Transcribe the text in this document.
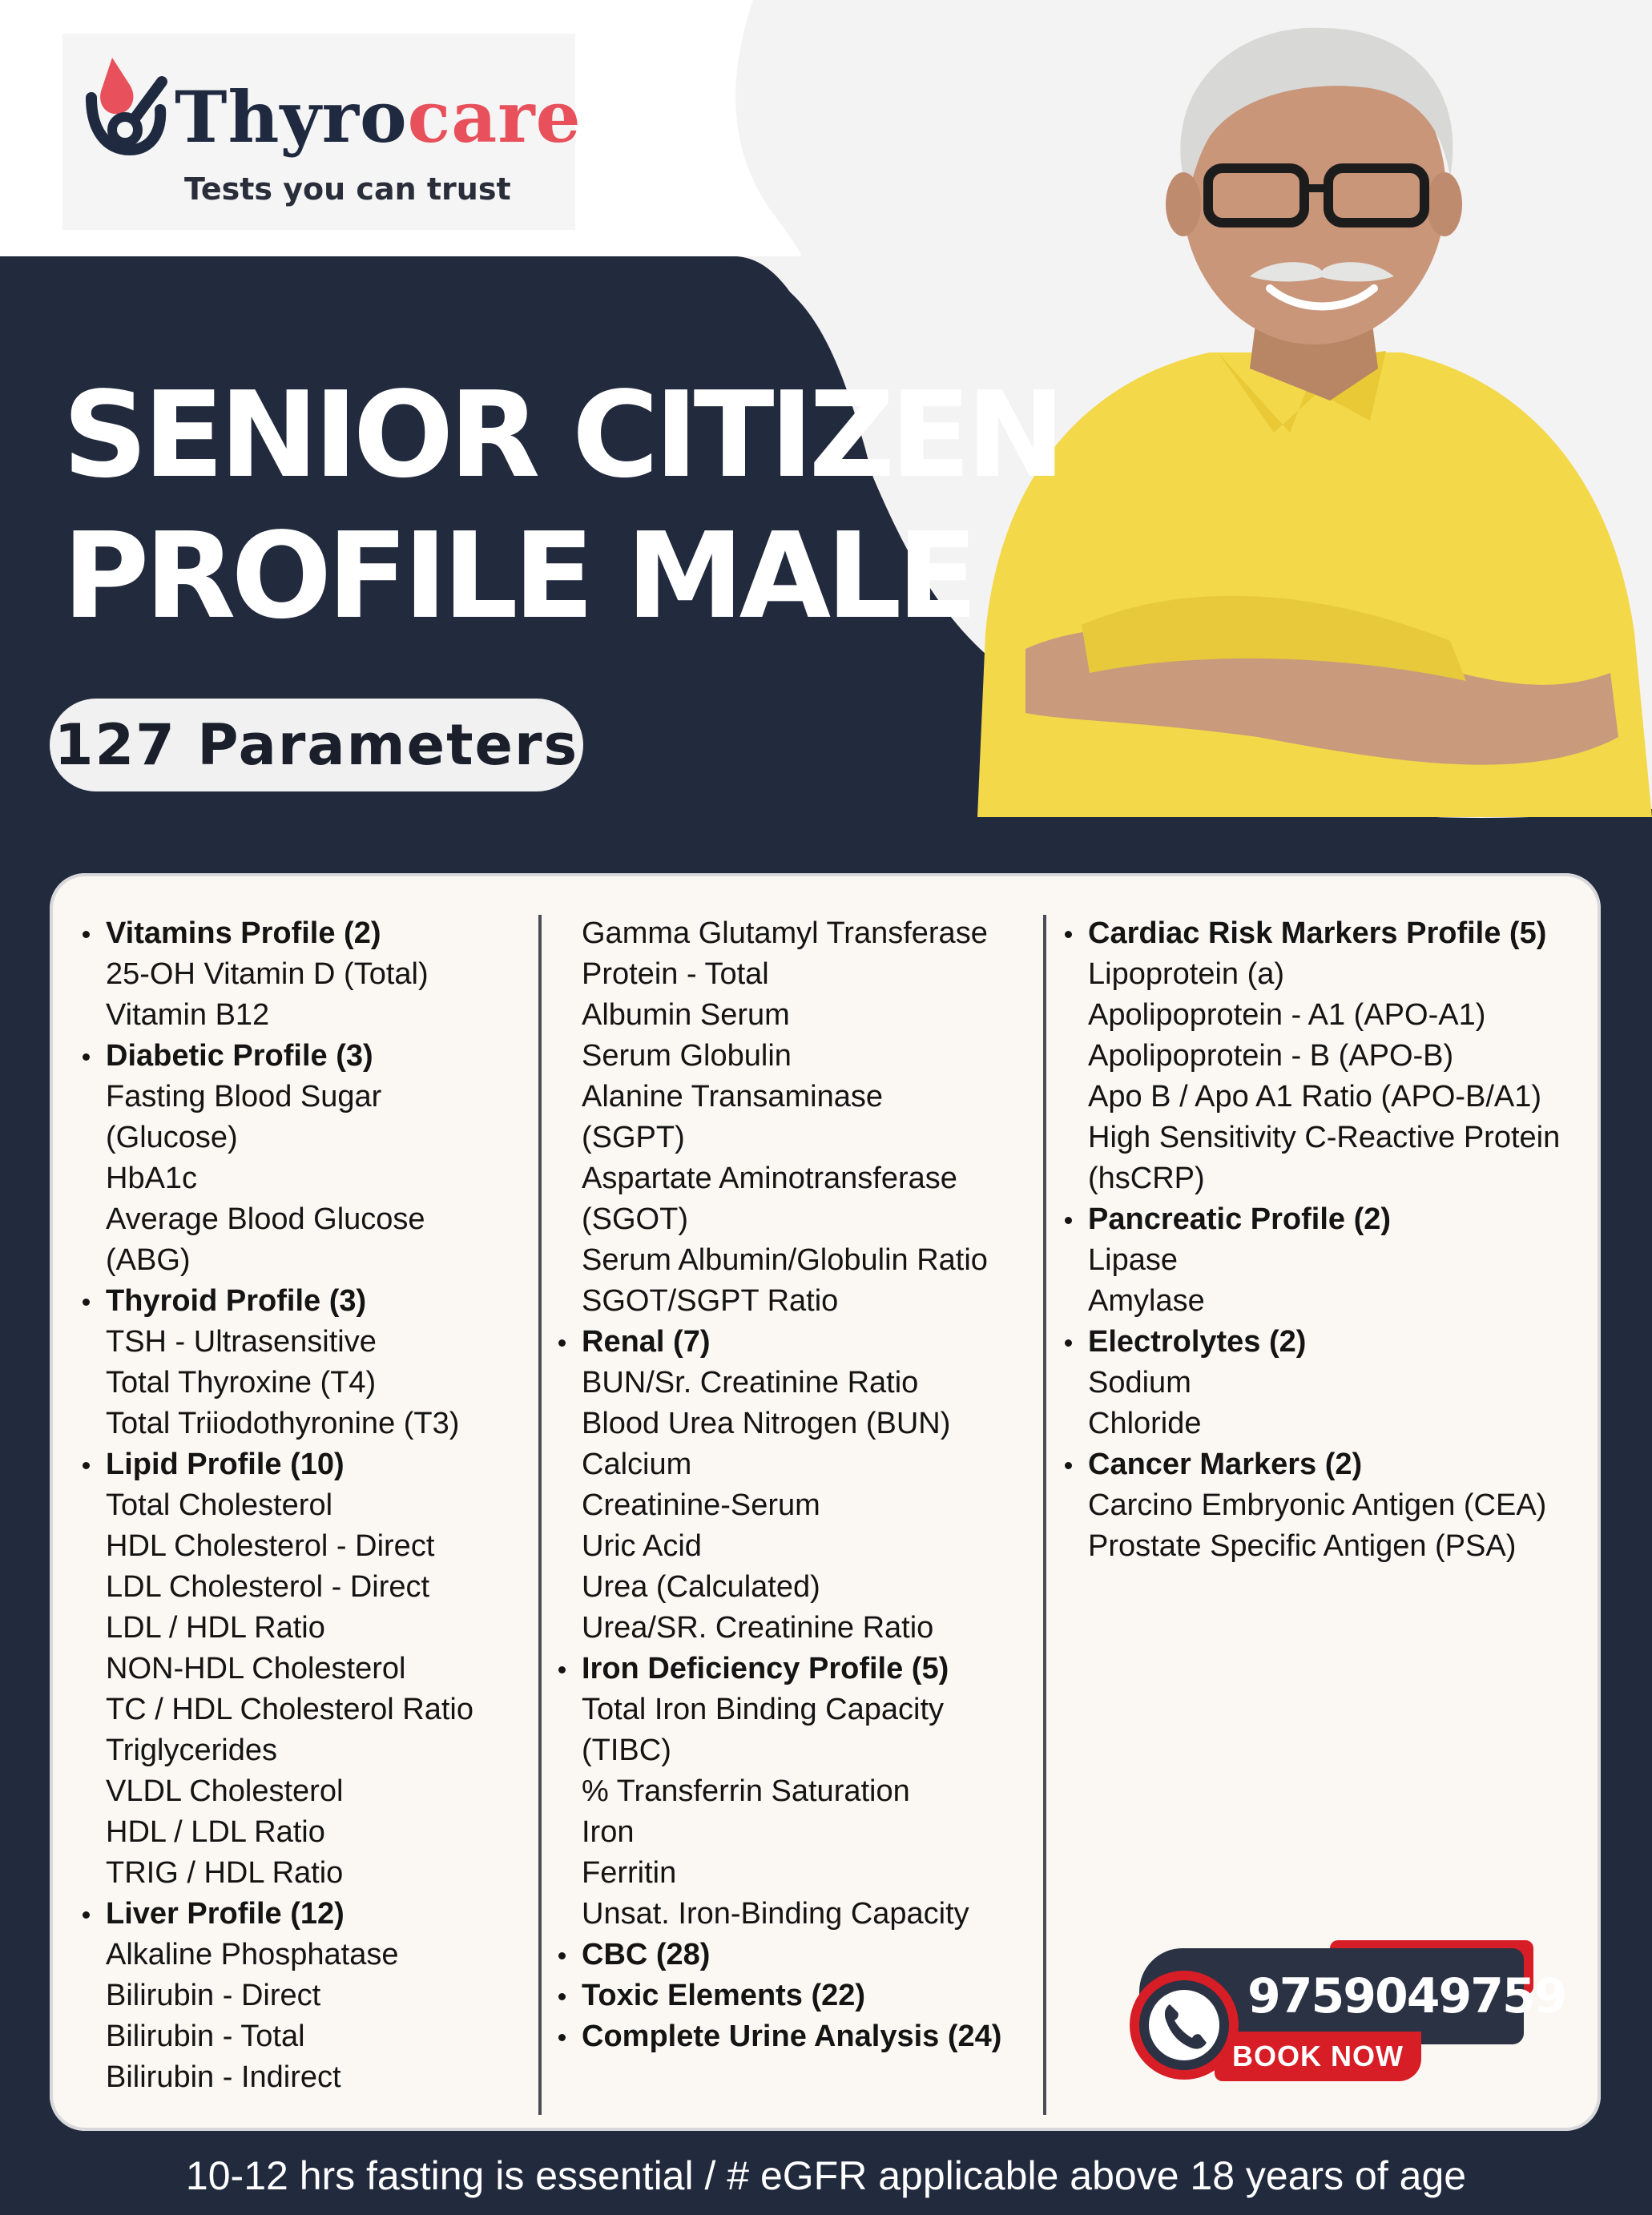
Thyrocare
Tests you can trust
SENIOR CITIZEN
PROFILE MALE
127 Parameters
Vitamins Profile (2)
25-OH Vitamin D (Total)
Vitamin B12
Diabetic Profile (3)
Fasting Blood Sugar
(Glucose)
HbA1c
Average Blood Glucose
(ABG)
Thyroid Profile (3)
TSH - Ultrasensitive
Total Thyroxine (T4)
Total Triiodothyronine (T3)
Lipid Profile (10)
Total Cholesterol
HDL Cholesterol - Direct
LDL Cholesterol - Direct
LDL / HDL Ratio
NON-HDL Cholesterol
TC / HDL Cholesterol Ratio
Triglycerides
VLDL Cholesterol
HDL / LDL Ratio
TRIG / HDL Ratio
Liver Profile (12)
Alkaline Phosphatase
Bilirubin - Direct
Bilirubin - Total
Bilirubin - Indirect
Gamma Glutamyl Transferase
Protein - Total
Albumin Serum
Serum Globulin
Alanine Transaminase
(SGPT)
Aspartate Aminotransferase
(SGOT)
Serum Albumin/Globulin Ratio
SGOT/SGPT Ratio
Renal (7)
BUN/Sr. Creatinine Ratio
Blood Urea Nitrogen (BUN)
Calcium
Creatinine-Serum
Uric Acid
Urea (Calculated)
Urea/SR. Creatinine Ratio
Iron Deficiency Profile (5)
Total Iron Binding Capacity
(TIBC)
% Transferrin Saturation
Iron
Ferritin
Unsat. Iron-Binding Capacity
CBC (28)
Toxic Elements (22)
Complete Urine Analysis (24)
Cardiac Risk Markers Profile (5)
Lipoprotein (a)
Apolipoprotein - A1 (APO-A1)
Apolipoprotein - B (APO-B)
Apo B / Apo A1 Ratio (APO-B/A1)
High Sensitivity C-Reactive Protein
(hsCRP)
Pancreatic Profile (2)
Lipase
Amylase
Electrolytes (2)
Sodium
Chloride
Cancer Markers (2)
Carcino Embryonic Antigen (CEA)
Prostate Specific Antigen (PSA)
9759049759
BOOK NOW
10-12 hrs fasting is essential / # eGFR applicable above 18 years of age
